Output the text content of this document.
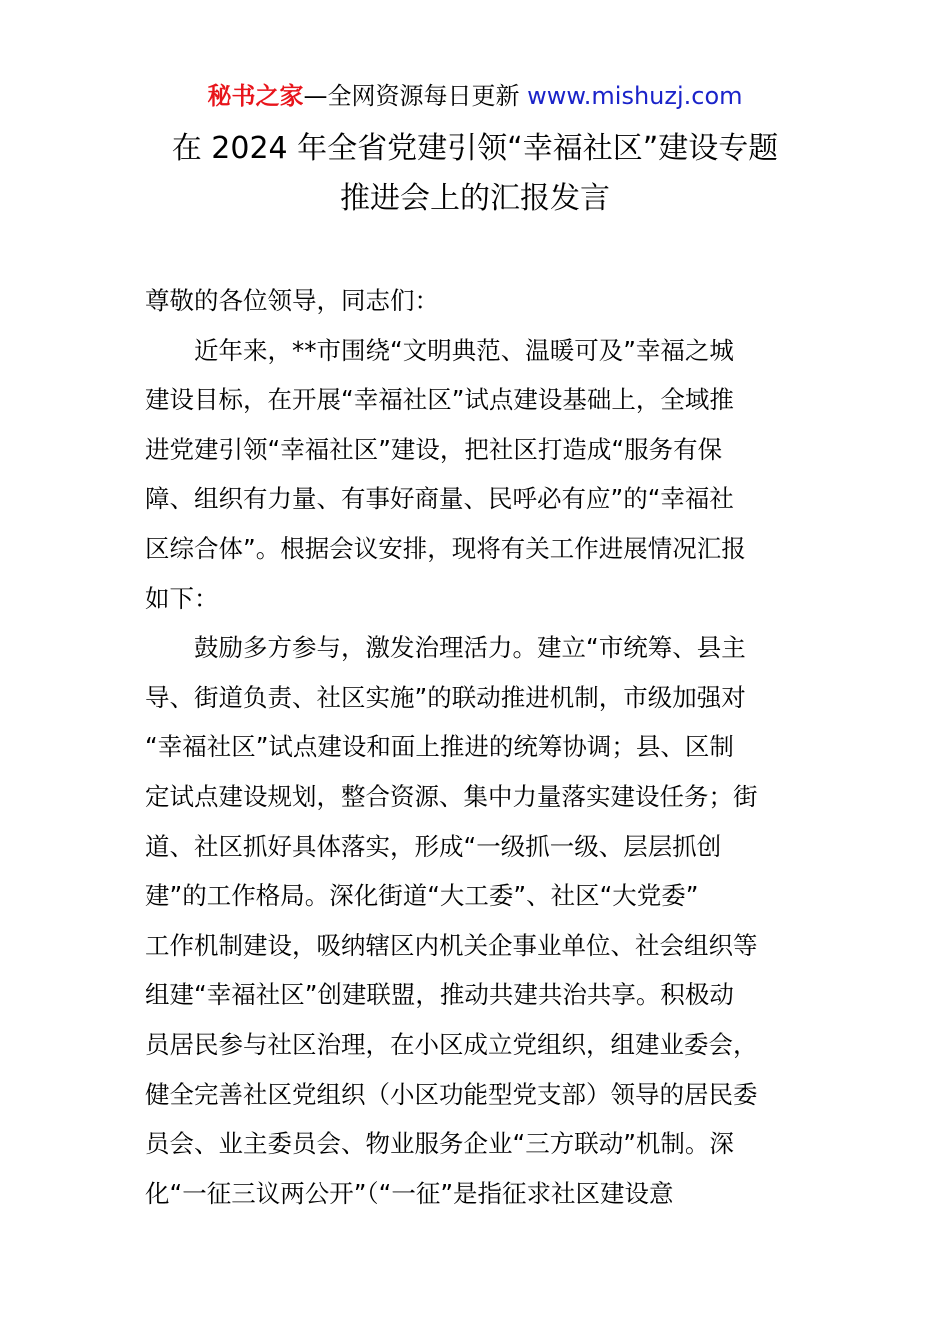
秘书之家—全网资源每日更新 www.mishuzj.com
在 2024 年全省党建引领“幸福社区”建设专题
推进会上的汇报发言
尊敬的各位领导，同志们：
近年来，**市围绕“文明典范、温暖可及”幸福之城
建设目标，在开展“幸福社区”试点建设基础上，全域推
进党建引领“幸福社区”建设，把社区打造成“服务有保
障、组织有力量、有事好商量、民呼必有应”的“幸福社
区综合体”。根据会议安排，现将有关工作进展情况汇报
如下：
鼓励多方参与，激发治理活力。建立“市统筹、县主
导、街道负责、社区实施”的联动推进机制，市级加强对
“幸福社区”试点建设和面上推进的统筹协调；县、区制
定试点建设规划，整合资源、集中力量落实建设任务；街
道、社区抓好具体落实，形成“一级抓一级、层层抓创
建”的工作格局。深化街道“大工委”、社区“大党委”
工作机制建设，吸纳辖区内机关企事业单位、社会组织等
组建“幸福社区”创建联盟，推动共建共治共享。积极动
员居民参与社区治理，在小区成立党组织，组建业委会，
健全完善社区党组织（小区功能型党支部）领导的居民委
员会、业主委员会、物业服务企业“三方联动”机制。深
化“一征三议两公开”（“一征”是指征求社区建设意
